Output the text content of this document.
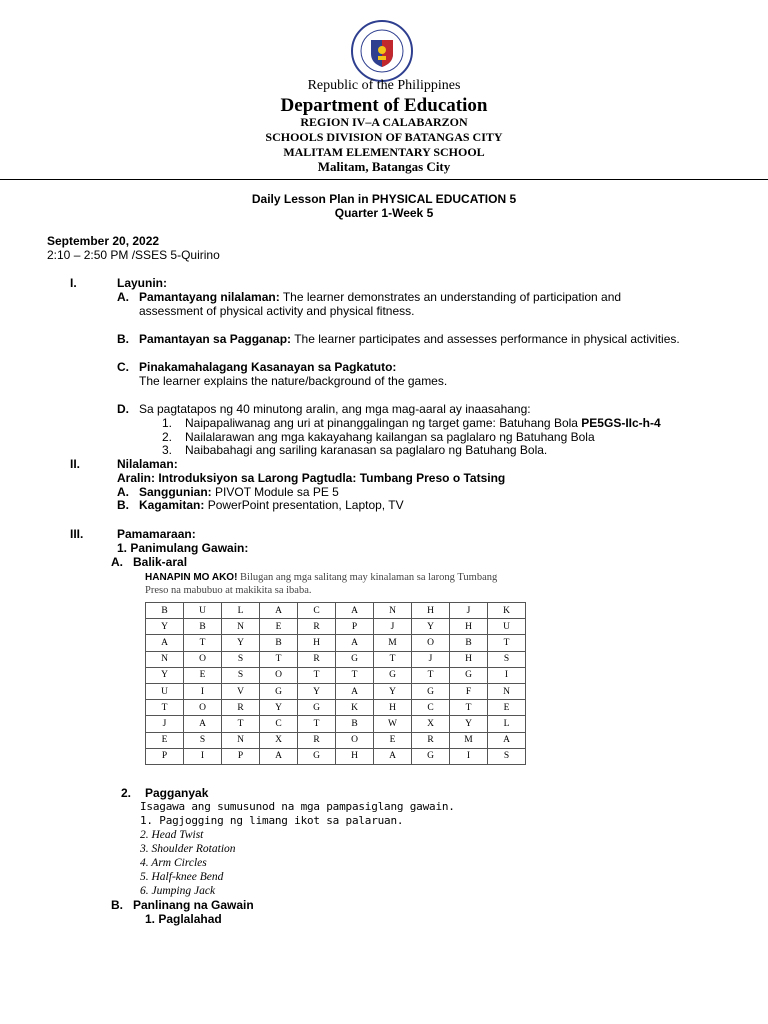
Republic of the Philippines
Department of Education
REGION IV–A CALABARZON
SCHOOLS DIVISION OF BATANGAS CITY
MALITAM ELEMENTARY SCHOOL
Malitam, Batangas City
Daily Lesson Plan in PHYSICAL EDUCATION 5
Quarter 1-Week 5
September 20, 2022
2:10 – 2:50 PM /SSES 5-Quirino
I.	Layunin:
A. Pamantayang nilalaman: The learner demonstrates an understanding of participation and
assessment of physical activity and physical fitness.
B. Pamantayan sa Pagganap: The learner participates and assesses performance in physical activities.
C. Pinakamahalagang Kasanayan sa Pagkatuto:
The learner explains the nature/background of the games.
D. Sa pagtatapos ng 40 minutong aralin, ang mga mag-aaral ay inaasahang:
1. Naipapaliwanag ang uri at pinanggalingan ng target game: Batuhang Bola PE5GS-IIc-h-4
2. Nailalarawan ang mga kakayahang kailangan sa paglalaro ng Batuhang Bola
3. Naibabahagi ang sariling karanasan sa paglalaro ng Batuhang Bola.
II.	Nilalaman:
Aralin: Introduksiyon sa Larong Pagtudla: Tumbang Preso o Tatsing
A. Sanggunian: PIVOT Module sa PE 5
B. Kagamitan: PowerPoint presentation, Laptop, TV
III.	Pamamaraan:
1. Panimulang Gawain:
A. Balik-aral
HANAPIN MO AKO! Bilugan ang mga salitang may kinalaman sa larong Tumbang
Preso na mabubuo at makikita sa ibaba.
B	U	L	A	C	A	N	H	J	K
Y	B	N	E	R	P	J	Y	H	U
A	T	Y	B	H	A	M	O	B	T
N	O	S	T	R	G	T	J	H	S
Y	E	S	O	T	T	G	T	G	I
U	I	V	G	Y	A	Y	G	F	N
T	O	R	Y	G	K	H	C	T	E
J	A	T	C	T	B	W	X	Y	L
E	S	N	X	R	O	E	R	M	A
P	I	P	A	G	H	A	G	I	S
2. Pagganyak
Isagawa ang sumusunod na mga pampasiglang gawain.
1. Pagjogging ng limang ikot sa palaruan.
2. Head Twist
3. Shoulder Rotation
4. Arm Circles
5. Half-knee Bend
6. Jumping Jack
B. Panlinang na Gawain
1. Paglalahad
